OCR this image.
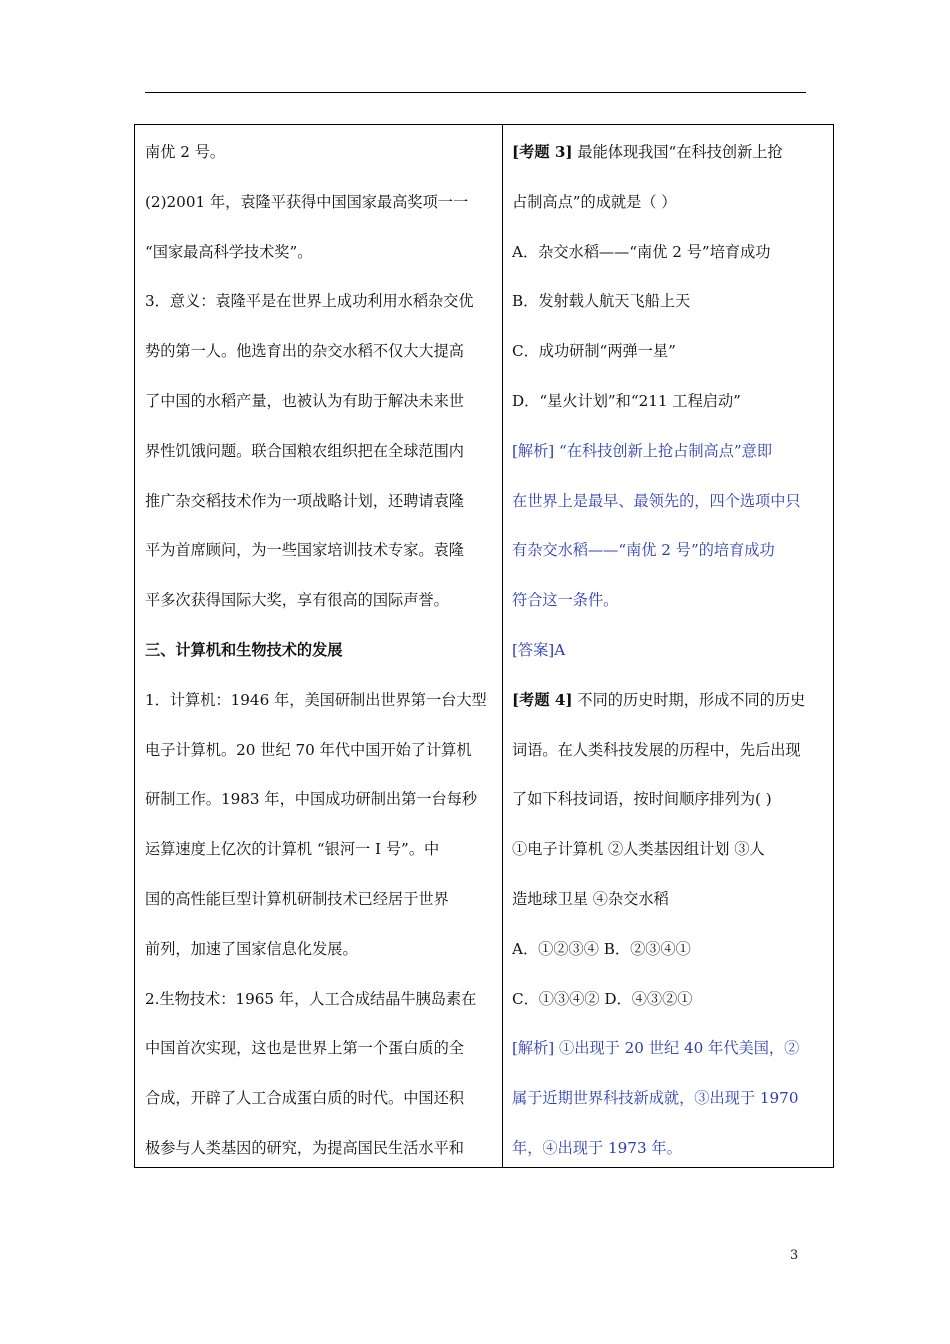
南优 2 号。
(2)2001 年，袁隆平获得中国国家最高奖项一一
“国家最高科学技术奖”。
3．意义：袁隆平是在世界上成功利用水稻杂交优
势的第一人。他选育出的杂交水稻不仅大大提高
了中国的水稻产量，也被认为有助于解决未来世
界性饥饿问题。联合国粮农组织把在全球范围内
推广杂交稻技术作为一项战略计划，还聘请袁隆
平为首席顾问，为一些国家培训技术专家。袁隆
平多次获得国际大奖，享有很高的国际声誉。
三、计算机和生物技术的发展
1．计算机：1946 年，美国研制出世界第一台大型
电子计算机。20 世纪 70 年代中国开始了计算机
研制工作。1983 年，中国成功研制出第一台每秒
运算速度上亿次的计算机 “银河一 I 号”。中
国的高性能巨型计算机研制技术已经居于世界
前列，加速了国家信息化发展。
2.生物技术：1965 年，人工合成结晶牛胰岛素在
中国首次实现，这也是世界上第一个蛋白质的全
合成，开辟了人工合成蛋白质的时代。中国还积
极参与人类基因的研究，为提高国民生活水平和
[考题 3] 最能体现我国“在科技创新上抢
占制高点”的成就是（ ）
A．杂交水稻——“南优 2 号”培育成功
B．发射载人航天飞船上天
C．成功研制“两弹一星”
D．“星火计划”和“211 工程启动”
[解析] “在科技创新上抢占制高点”意即
在世界上是最早、最领先的，四个选项中只
有杂交水稻——“南优 2 号”的培育成功
符合这一条件。
[答案]A
[考题 4] 不同的历史时期，形成不同的历史
词语。在人类科技发展的历程中，先后出现
了如下科技词语，按时间顺序排列为( )
①电子计算机 ②人类基因组计划 ③人
造地球卫星 ④杂交水稻
A．①②③④ B．②③④①
C．①③④② D．④③②①
[解析] ①出现于 20 世纪 40 年代美国，②
属于近期世界科技新成就，③出现于 1970
年，④出现于 1973 年。
3
